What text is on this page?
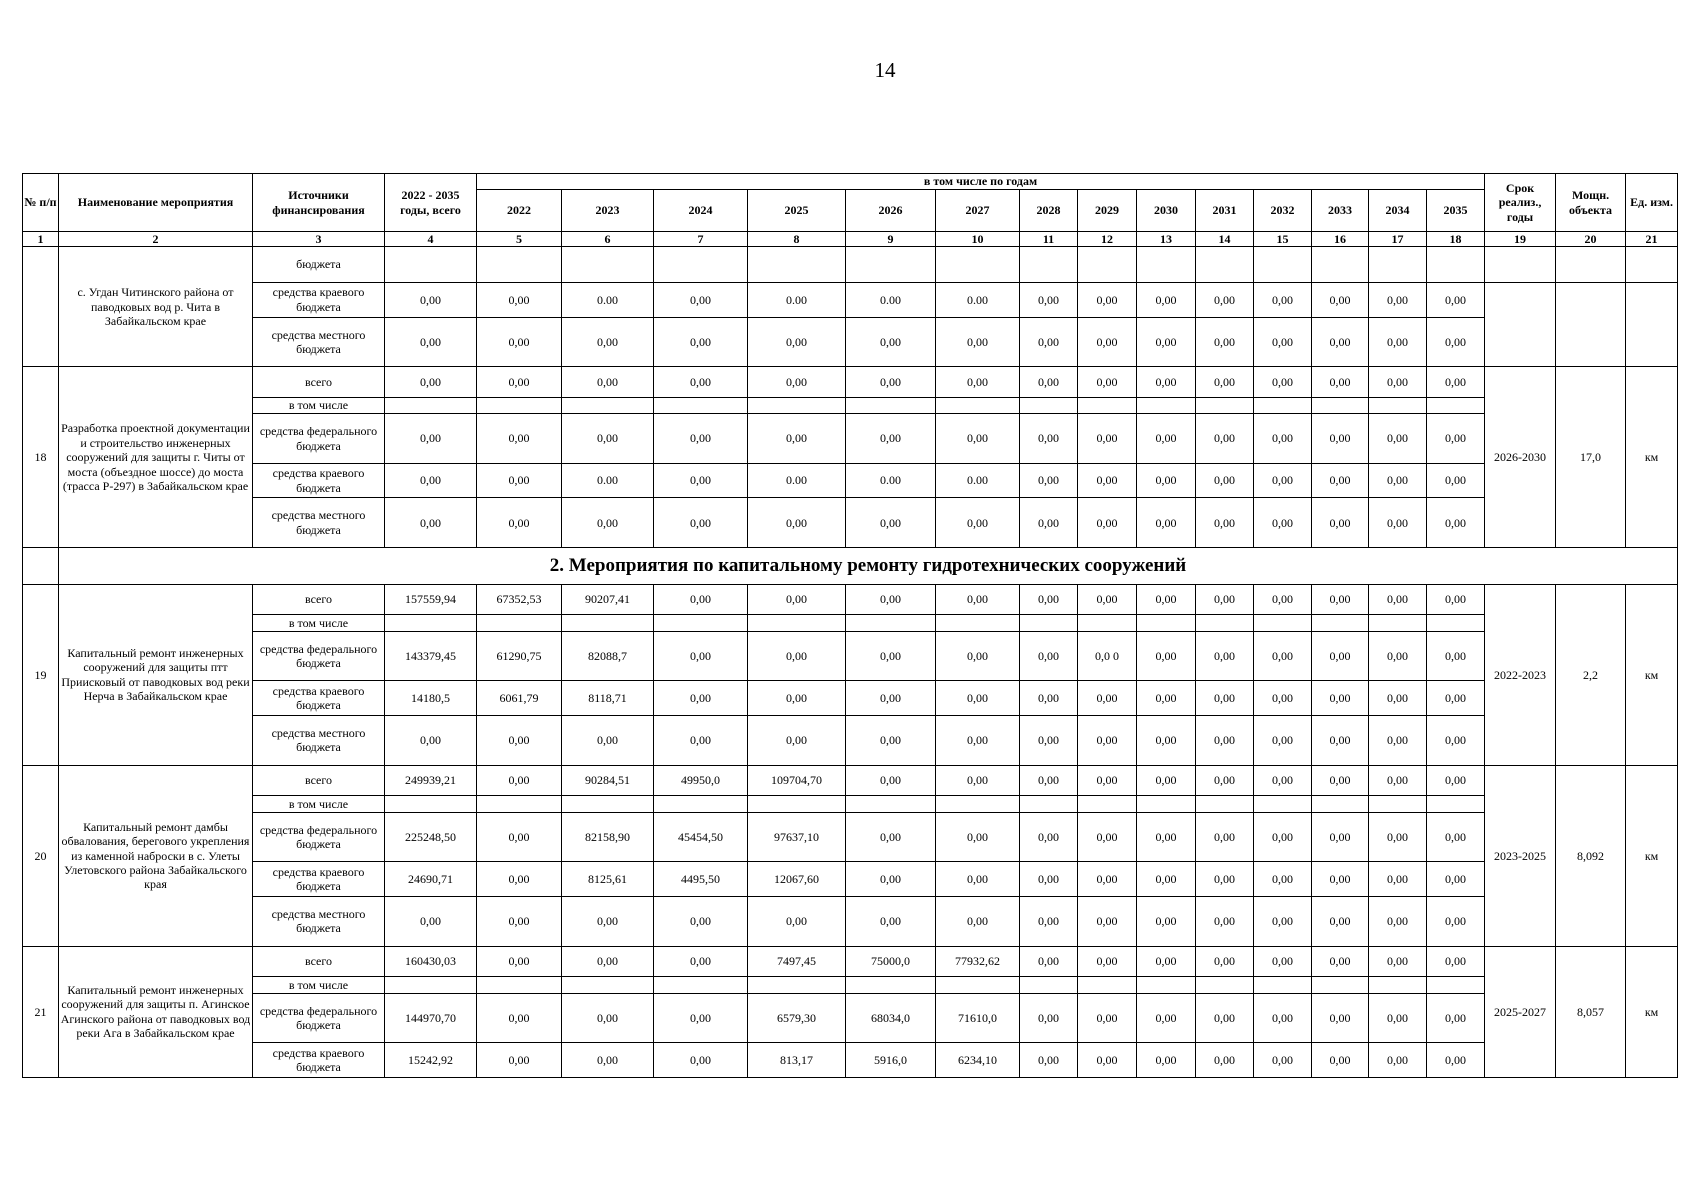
14
№ п/п	Наименование мероприятия	Источники финансирования	2022 - 2035 годы, всего	в том числе по годам														Срок реализ., годы	Мощн. объекта	Ед. изм.
				2022	2023	2024	2025	2026	2027	2028	2029	2030	2031	2032	2033	2034	2035			
1	2	3	4	5	6	7	8	9	10	11	12	13	14	15	16	17	18	19	20	21
	с. Угдан Читинского района от паводковых вод р. Чита в Забайкальском крае	бюджета																		
		средства краевого бюджета	0,00	0,00	0.00	0,00	0.00	0.00	0.00	0,00	0,00	0,00	0,00	0,00	0,00	0,00	0,00			
		средства местного бюджета	0,00	0,00	0,00	0,00	0,00	0,00	0,00	0,00	0,00	0,00	0,00	0,00	0,00	0,00	0,00			
18	Разработка проектной документации и строительство инженерных сооружений для защиты г. Читы от моста (объездное шоссе) до моста (трасса Р-297) в Забайкальском крае	всего	0,00	0,00	0,00	0,00	0,00	0,00	0,00	0,00	0,00	0,00	0,00	0,00	0,00	0,00	0,00	2026-2030	17,0	км
		в том числе																		
		средства федерального бюджета	0,00	0,00	0,00	0,00	0,00	0,00	0,00	0,00	0,00	0,00	0,00	0,00	0,00	0,00	0,00			
		средства краевого бюджета	0,00	0,00	0.00	0,00	0.00	0.00	0.00	0,00	0,00	0,00	0,00	0,00	0,00	0,00	0,00			
		средства местного бюджета	0,00	0,00	0,00	0,00	0,00	0,00	0,00	0,00	0,00	0,00	0,00	0,00	0,00	0,00	0,00			
	2. Мероприятия по капитальному ремонту гидротехнических сооружений																			
19	Капитальный ремонт инженерных сооружений для защиты птт Приисковый от паводковых вод реки Нерча в Забайкальском крае	всего	157559,94	67352,53	90207,41	0,00	0,00	0,00	0,00	0,00	0,00	0,00	0,00	0,00	0,00	0,00	0,00	2022-2023	2,2	км
		в том числе																		
		средства федерального бюджета	143379,45	61290,75	82088,7	0,00	0,00	0,00	0,00	0,00	0,0 0	0,00	0,00	0,00	0,00	0,00	0,00			
		средства краевого бюджета	14180,5	6061,79	8118,71	0,00	0,00	0,00	0,00	0,00	0,00	0,00	0,00	0,00	0,00	0,00	0,00			
		средства местного бюджета	0,00	0,00	0,00	0,00	0,00	0,00	0,00	0,00	0,00	0,00	0,00	0,00	0,00	0,00	0,00			
20	Капитальный ремонт дамбы обвалования, берегового укрепления из каменной наброски в с. Улеты Улетовского района Забайкальского края	всего	249939,21	0,00	90284,51	49950,0	109704,70	0,00	0,00	0,00	0,00	0,00	0,00	0,00	0,00	0,00	0,00	2023-2025	8,092	км
		в том числе																		
		средства федерального бюджета	225248,50	0,00	82158,90	45454,50	97637,10	0,00	0,00	0,00	0,00	0,00	0,00	0,00	0,00	0,00	0,00			
		средства краевого бюджета	24690,71	0,00	8125,61	4495,50	12067,60	0,00	0,00	0,00	0,00	0,00	0,00	0,00	0,00	0,00	0,00			
		средства местного бюджета	0,00	0,00	0,00	0,00	0,00	0,00	0,00	0,00	0,00	0,00	0,00	0,00	0,00	0,00	0,00			
21	Капитальный ремонт инженерных сооружений для защиты п. Агинское Агинского района от паводковых вод реки Ага в Забайкальском крае	всего	160430,03	0,00	0,00	0,00	7497,45	75000,0	77932,62	0,00	0,00	0,00	0,00	0,00	0,00	0,00	0,00	2025-2027	8,057	км
		в том числе																		
		средства федерального бюджета	144970,70	0,00	0,00	0,00	6579,30	68034,0	71610,0	0,00	0,00	0,00	0,00	0,00	0,00	0,00	0,00			
		средства краевого бюджета	15242,92	0,00	0,00	0,00	813,17	5916,0	6234,10	0,00	0,00	0,00	0,00	0,00	0,00	0,00	0,00			
